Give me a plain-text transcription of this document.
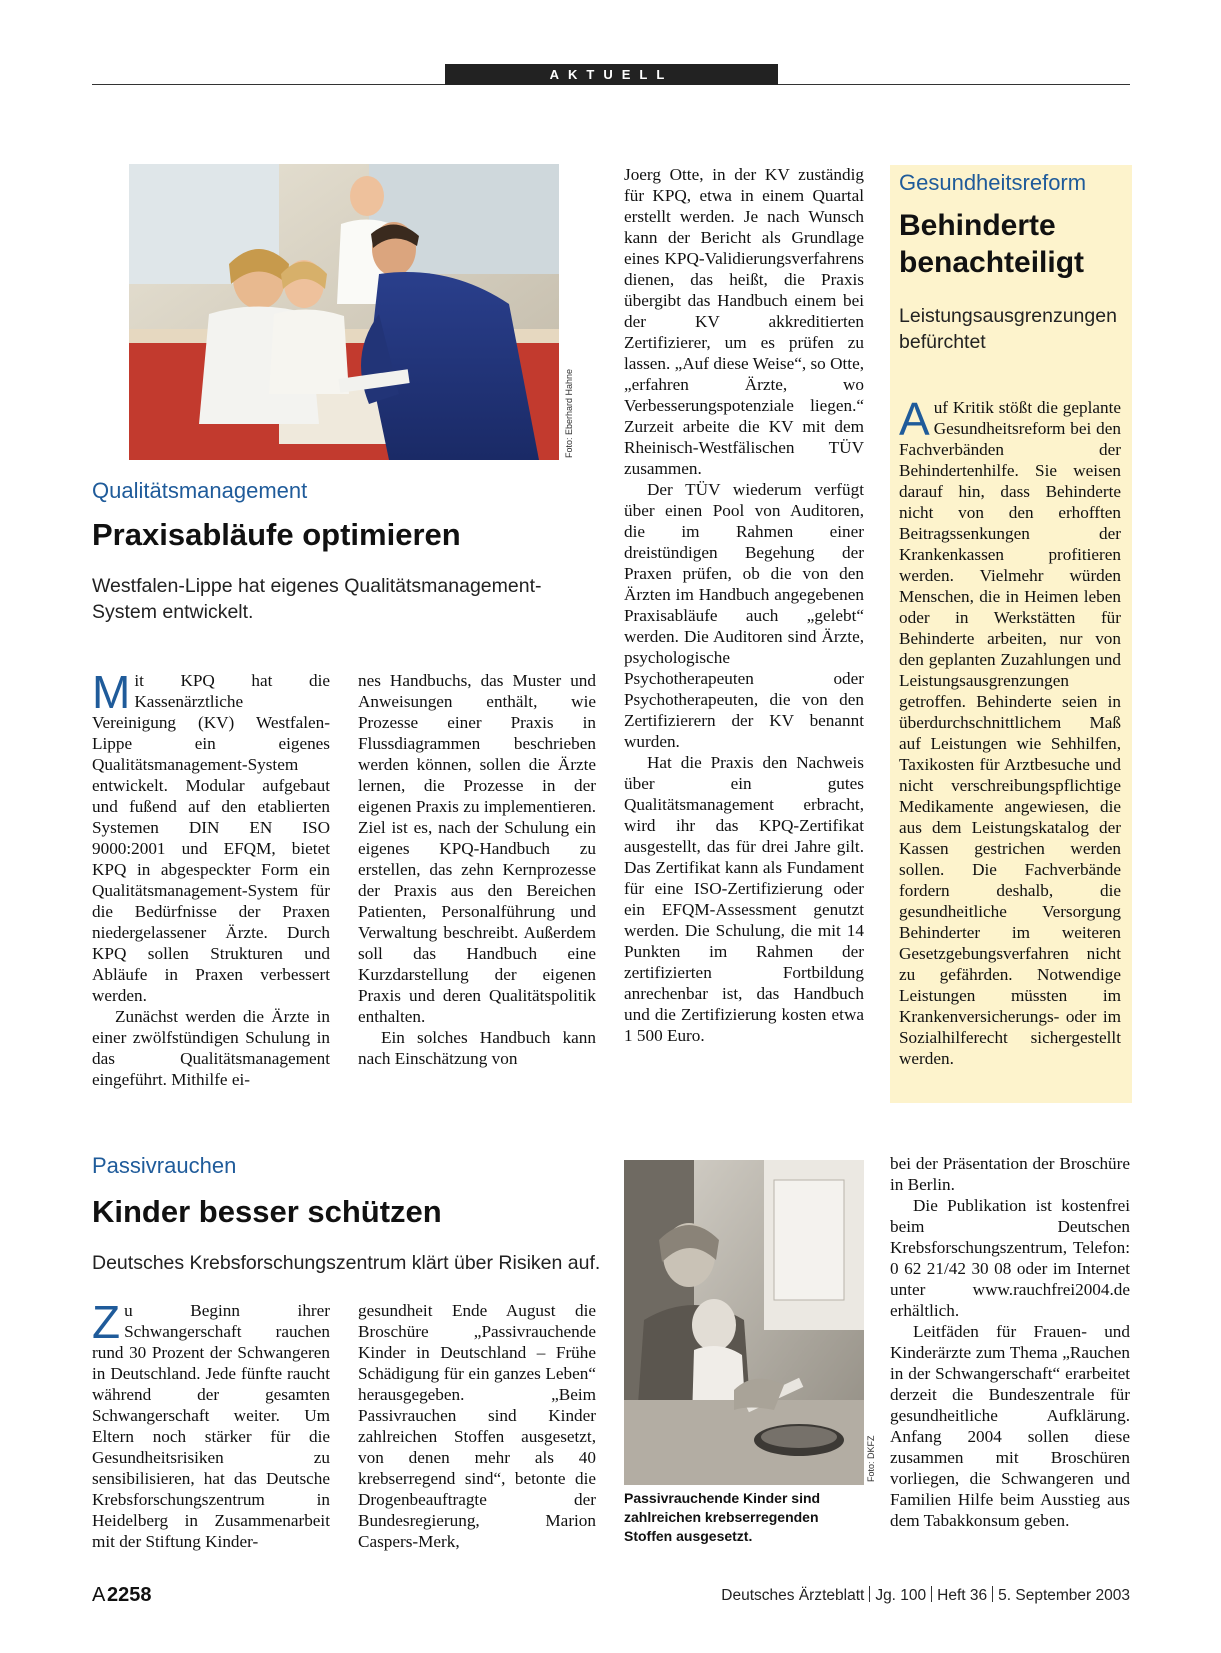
AKTUELL
Foto: Eberhard Hahne
Qualitätsmanagement
Praxisabläufe optimieren
Westfalen-Lippe hat eigenes Qualitätsmanagement-System entwickelt.

Mit KPQ hat die Kassenärztliche Vereinigung (KV) Westfalen-Lippe ein eigenes Qualitätsmanagement-System entwickelt. Modular aufgebaut und fußend auf den etablierten Systemen DIN EN ISO 9000:2001 und EFQM, bietet KPQ in abgespeckter Form ein Qualitätsmanagement-System für die Bedürfnisse der Praxen niedergelassener Ärzte. Durch KPQ sollen Strukturen und Abläufe in Praxen verbessert werden.

Zunächst werden die Ärzte in einer zwölfstündigen Schulung in das Qualitätsmanagement eingeführt. Mithilfe ei-

nes Handbuchs, das Muster und Anweisungen enthält, wie Prozesse einer Praxis in Flussdiagrammen beschrieben werden können, sollen die Ärzte lernen, die Prozesse in der eigenen Praxis zu implementieren. Ziel ist es, nach der Schulung ein eigenes KPQ-Handbuch zu erstellen, das zehn Kernprozesse der Praxis aus den Bereichen Patienten, Personalführung und Verwaltung beschreibt. Außerdem soll das Handbuch eine Kurzdarstellung der eigenen Praxis und deren Qualitätspolitik enthalten.

Ein solches Handbuch kann nach Einschätzung von

Joerg Otte, in der KV zuständig für KPQ, etwa in einem Quartal erstellt werden. Je nach Wunsch kann der Bericht als Grundlage eines KPQ-Validierungsverfahrens dienen, das heißt, die Praxis übergibt das Handbuch einem bei der KV akkreditierten Zertifizierer, um es prüfen zu lassen. „Auf diese Weise“, so Otte, „erfahren Ärzte, wo Verbesserungspotenziale liegen.“ Zurzeit arbeite die KV mit dem Rheinisch-Westfälischen TÜV zusammen.

Der TÜV wiederum verfügt über einen Pool von Auditoren, die im Rahmen einer dreistündigen Begehung der Praxen prüfen, ob die von den Ärzten im Handbuch angegebenen Praxisabläufe auch „gelebt“ werden. Die Auditoren sind Ärzte, psychologische Psychotherapeuten oder Psychotherapeuten, die von den Zertifizierern der KV benannt wurden.

Hat die Praxis den Nachweis über ein gutes Qualitätsmanagement erbracht, wird ihr das KPQ-Zertifikat ausgestellt, das für drei Jahre gilt. Das Zertifikat kann als Fundament für eine ISO-Zertifizierung oder ein EFQM-Assessment genutzt werden. Die Schulung, die mit 14 Punkten im Rahmen der zertifizierten Fortbildung anrechenbar ist, das Handbuch und die Zertifizierung kosten etwa 1 500 Euro.

Gesundheitsreform
Behinderte benachteiligt
Leistungsausgrenzungen befürchtet

Auf Kritik stößt die geplante Gesundheitsreform bei den Fachverbänden der Behindertenhilfe. Sie weisen darauf hin, dass Behinderte nicht von den erhofften Beitragssenkungen der Krankenkassen profitieren werden. Vielmehr würden Menschen, die in Heimen leben oder in Werkstätten für Behinderte arbeiten, nur von den geplanten Zuzahlungen und Leistungsausgrenzungen getroffen. Behinderte seien in überdurchschnittlichem Maß auf Leistungen wie Sehhilfen, Taxikosten für Arztbesuche und nicht verschreibungspflichtige Medikamente angewiesen, die aus dem Leistungskatalog der Kassen gestrichen werden sollen. Die Fachverbände fordern deshalb, die gesundheitliche Versorgung Behinderter im weiteren Gesetzgebungsverfahren nicht zu gefährden. Notwendige Leistungen müssten im Krankenversicherungs- oder im Sozialhilferecht sichergestellt werden.

Passivrauchen
Kinder besser schützen
Deutsches Krebsforschungszentrum klärt über Risiken auf.

Zu Beginn ihrer Schwangerschaft rauchen rund 30 Prozent der Schwangeren in Deutschland. Jede fünfte raucht während der gesamten Schwangerschaft weiter. Um Eltern noch stärker für die Gesundheitsrisiken zu sensibilisieren, hat das Deutsche Krebsforschungszentrum in Heidelberg in Zusammenarbeit mit der Stiftung Kinder-

gesundheit Ende August die Broschüre „Passivrauchende Kinder in Deutschland – Frühe Schädigung für ein ganzes Leben“ herausgegeben. „Beim Passivrauchen sind Kinder zahlreichen Stoffen ausgesetzt, von denen mehr als 40 krebserregend sind“, betonte die Drogenbeauftragte der Bundesregierung, Marion Caspers-Merk,

Foto: DKFZ
Passivrauchende Kinder sind zahlreichen krebserregenden Stoffen ausgesetzt.

bei der Präsentation der Broschüre in Berlin.

Die Publikation ist kostenfrei beim Deutschen Krebsforschungszentrum, Telefon: 0 62 21/42 30 08 oder im Internet unter www.rauchfrei2004.de erhältlich.

Leitfäden für Frauen- und Kinderärzte zum Thema „Rauchen in der Schwangerschaft“ erarbeitet derzeit die Bundeszentrale für gesundheitliche Aufklärung. Anfang 2004 sollen diese zusammen mit Broschüren vorliegen, die Schwangeren und Familien Hilfe beim Ausstieg aus dem Tabakkonsum geben.

A 2258	Deutsches Ärzteblatt Jg. 100 Heft 36 5. September 2003
